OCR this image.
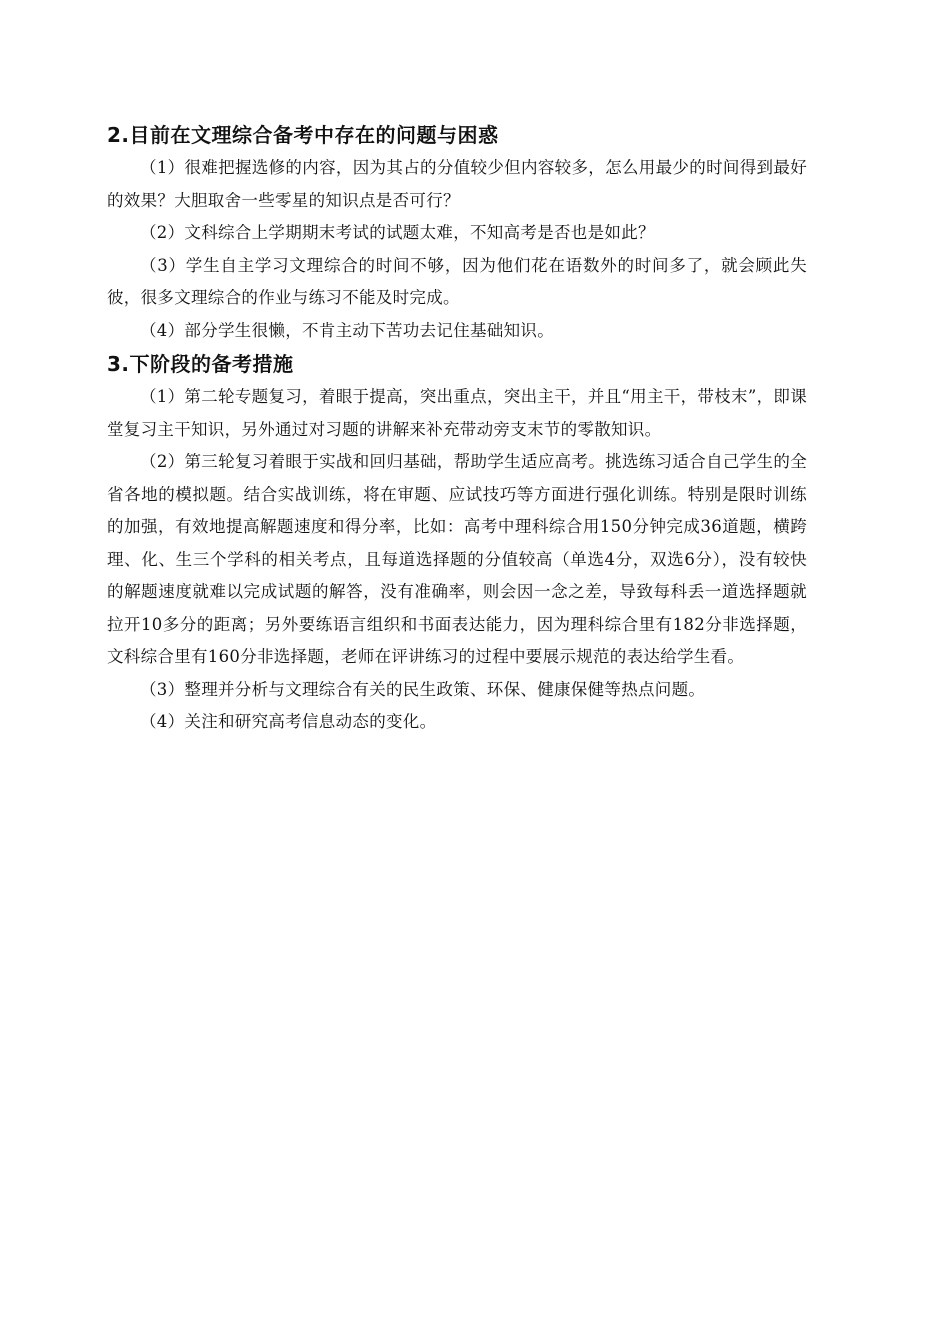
2.目前在文理综合备考中存在的问题与困惑

（1）很难把握选修的内容，因为其占的分值较少但内容较多，怎么用最少的时间得到最好的效果？大胆取舍一些零星的知识点是否可行？

（2）文科综合上学期期末考试的试题太难，不知高考是否也是如此？

（3）学生自主学习文理综合的时间不够，因为他们花在语数外的时间多了，就会顾此失彼，很多文理综合的作业与练习不能及时完成。

（4）部分学生很懒，不肯主动下苦功去记住基础知识。

3.下阶段的备考措施

（1）第二轮专题复习，着眼于提高，突出重点，突出主干，并且“用主干，带枝末”，即课堂复习主干知识，另外通过对习题的讲解来补充带动旁支末节的零散知识。

（2）第三轮复习着眼于实战和回归基础，帮助学生适应高考。挑选练习适合自己学生的全省各地的模拟题。结合实战训练，将在审题、应试技巧等方面进行强化训练。特别是限时训练的加强，有效地提高解题速度和得分率，比如：高考中理科综合用150分钟完成36道题，横跨理、化、生三个学科的相关考点，且每道选择题的分值较高（单选4分，双选6分），没有较快的解题速度就难以完成试题的解答，没有准确率，则会因一念之差，导致每科丢一道选择题就拉开10多分的距离；另外要练语言组织和书面表达能力，因为理科综合里有182分非选择题，文科综合里有160分非选择题，老师在评讲练习的过程中要展示规范的表达给学生看。

（3）整理并分析与文理综合有关的民生政策、环保、健康保健等热点问题。

（4）关注和研究高考信息动态的变化。
